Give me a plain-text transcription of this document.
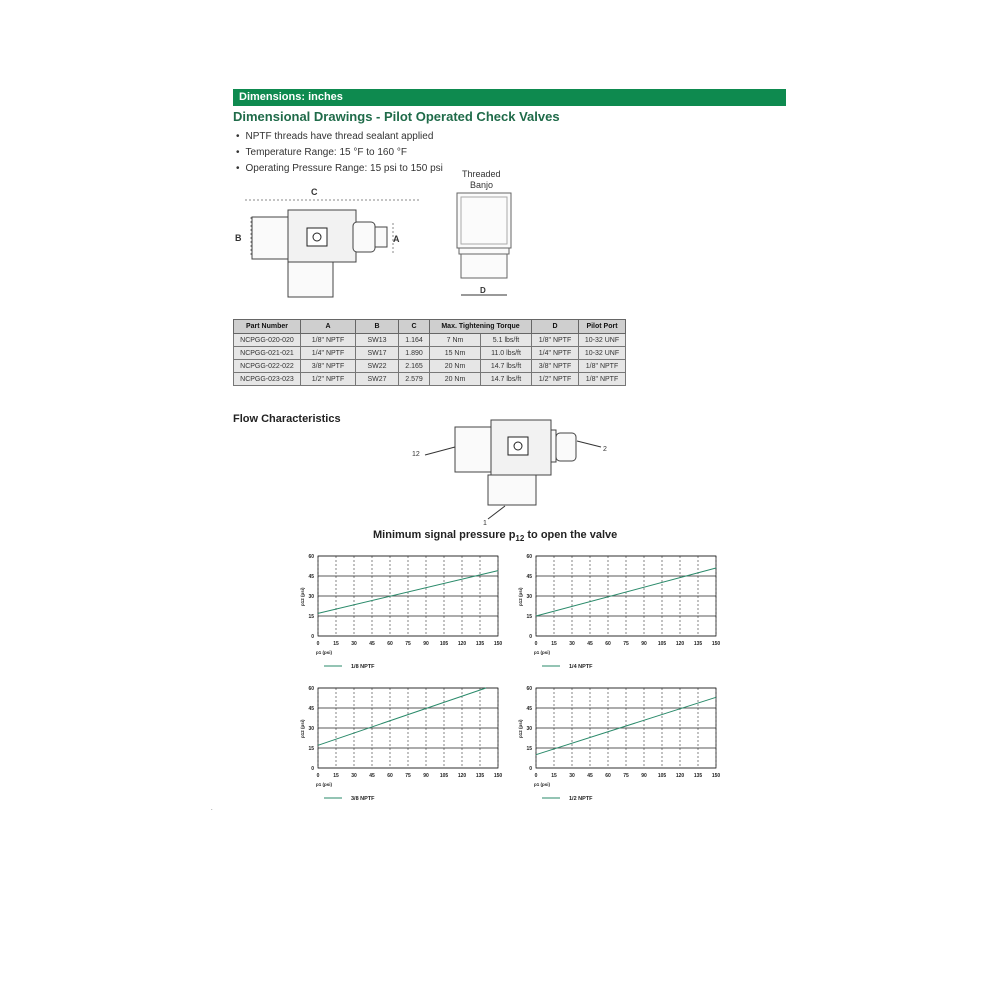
Dimensions: inches
Dimensional Drawings - Pilot Operated Check Valves
• NPTF threads have thread sealant applied
• Temperature Range: 15 °F to 160 °F
• Operating Pressure Range: 15 psi to 150 psi
C
B	A
Threaded
Banjo
D
Part Number	A	B	C	Max. Tightening Torque		D	Pilot Port
NCPGG-020-020	1/8" NPTF	SW13	1.164	7 Nm	5.1 lbs/ft	1/8" NPTF	10-32 UNF
NCPGG-021-021	1/4" NPTF	SW17	1.890	15 Nm	11.0 lbs/ft	1/4" NPTF	10-32 UNF
NCPGG-022-022	3/8" NPTF	SW22	2.165	20 Nm	14.7 lbs/ft	3/8" NPTF	1/8" NPTF
NCPGG-023-023	1/2" NPTF	SW27	2.579	20 Nm	14.7 lbs/ft	1/2" NPTF	1/8" NPTF
Flow Characteristics
12
2
1
Minimum signal pressure $p_{12}$ to open the valve
0	15 30 45 60 75 90 105 120 135 150
0
15
30
45
60
p1 (psi)
p12 (psi)
1/8 NPTF
0	15 30 45 60 75 90 105 120 135 150
0
15
30
45
60
p1 (psi)
p12 (psi)
1/4 NPTF
0	15 30 45 60 75 90 105 120 135 150
0
15
30
45
60
p1 (psi)
p12 (psi)
3/8 NPTF
0	15 30 45 60 75 90 105 120 135 150
0
15
30
45
60
p1 (psi)
p12 (psi)
1/2 NPTF
.
